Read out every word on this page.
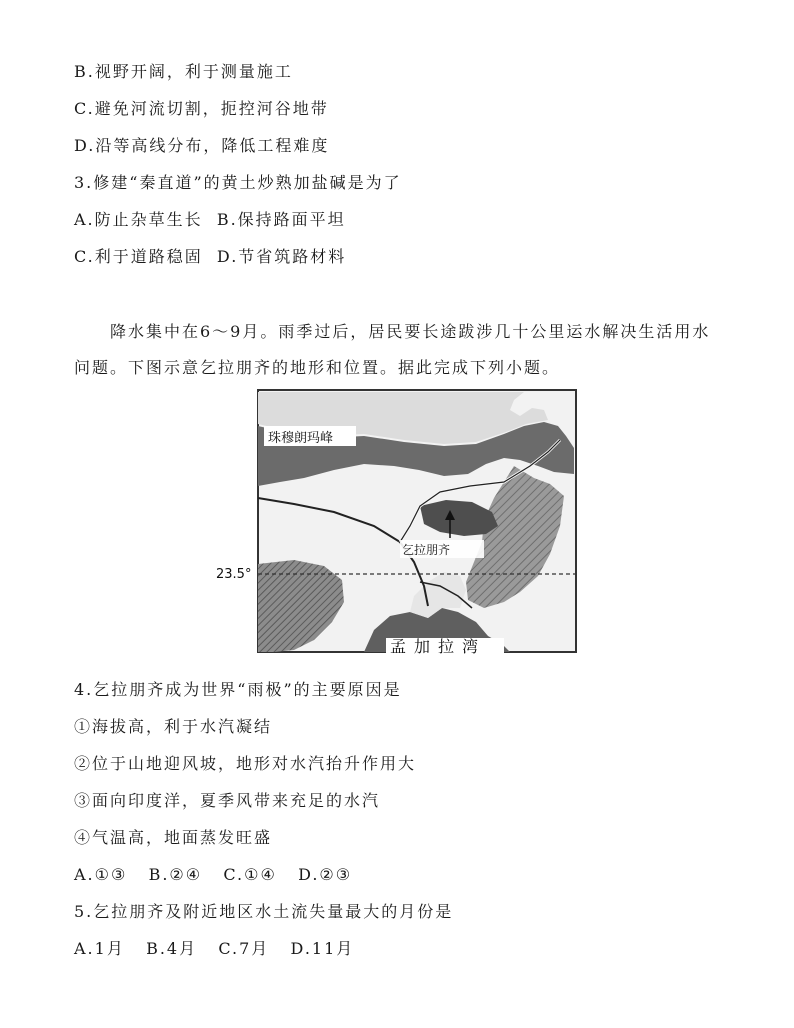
B.视野开阔，利于测量施工
C.避免河流切割，扼控河谷地带
D.沿等高线分布，降低工程难度
3.修建“秦直道”的黄土炒熟加盐碱是为了
A.防止杂草生长  B.保持路面平坦
C.利于道路稳固  D.节省筑路材料
降水集中在6～9月。雨季过后，居民要长途跋涉几十公里运水解决生活用水问题。下图示意乞拉朋齐的地形和位置。据此完成下列小题。
珠穆朗玛峰
乞拉朋齐
23.5°
孟加拉湾
4.乞拉朋齐成为世界“雨极”的主要原因是
①海拔高，利于水汽凝结
②位于山地迎风坡，地形对水汽抬升作用大
③面向印度洋，夏季风带来充足的水汽
④气温高，地面蒸发旺盛
A.①③   B.②④   C.①④   D.②③
5.乞拉朋齐及附近地区水土流失量最大的月份是
A.1月   B.4月   C.7月   D.11月
